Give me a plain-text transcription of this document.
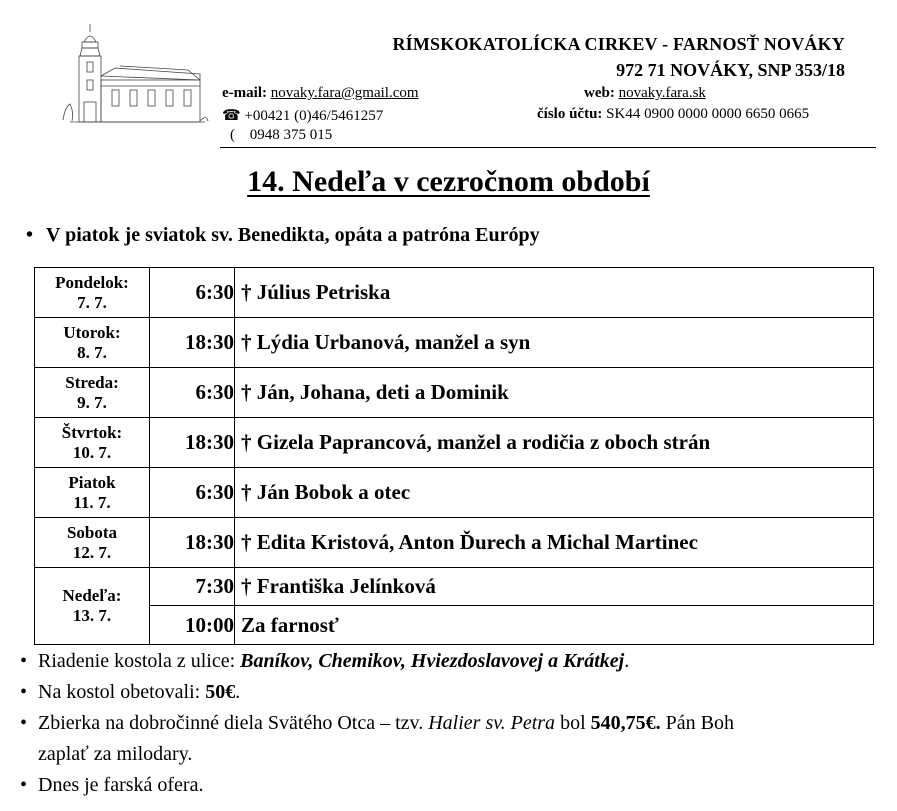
RÍMSKOKATOLÍCKA CIRKEV - FARNOSŤ NOVÁKY
972 71 NOVÁKY, SNP 353/18
e-mail: novaky.fara@gmail.com
☎ +00421 (0)46/5461257
( 0948 375 015
web: novaky.fara.sk
číslo účtu: SK44 0900 0000 0000 6650 0665
14. Nedeľa v cezročnom období
• V piatok je sviatok sv. Benedikta, opáta a patróna Európy
Pondelok:
7. 7.	6:30	† Július Petriska

Utorok:
8. 7.	18:30	† Lýdia Urbanová, manžel a syn

Streda:
9. 7.	6:30	† Ján, Johana, deti a Dominik

Štvrtok:
10. 7.	18:30	† Gizela Paprancová, manžel a rodičia z oboch strán

Piatok
11. 7.	6:30	† Ján Bobok a otec

Sobota
12. 7.	18:30	† Edita Kristová, Anton Ďurech a Michal Martinec

Nedeľa:
13. 7.	7:30	† Františka Jelínková
	10:00	Za farnosť
• Riadenie kostola z ulice: Baníkov, Chemikov, Hviezdoslavovej a Krátkej.
• Na kostol obetovali: 50€.
• Zbierka na dobročinné diela Svätého Otca – tzv. Halier sv. Petra bol 540,75€. Pán Boh
zaplať za milodary.
• Dnes je farská ofera.
